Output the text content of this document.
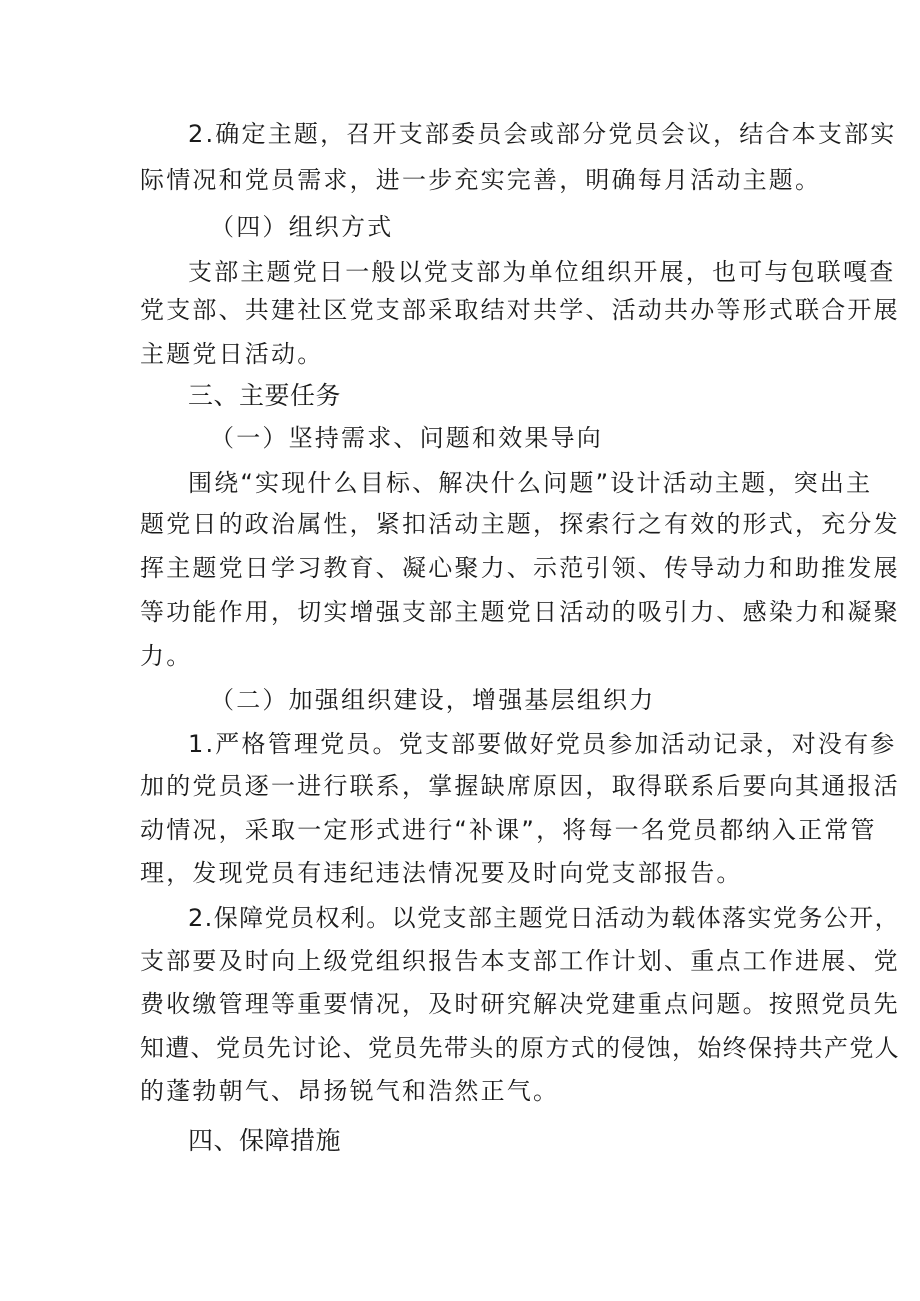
2.确定主题，召开支部委员会或部分党员会议，结合本支部实
际情况和党员需求，进一步充实完善，明确每月活动主题。
（四）组织方式
支部主题党日一般以党支部为单位组织开展，也可与包联嘎查
党支部、共建社区党支部采取结对共学、活动共办等形式联合开展
主题党日活动。
三、主要任务
（一）坚持需求、问题和效果导向
围绕“实现什么目标、解决什么问题”设计活动主题，突出主
题党日的政治属性，紧扣活动主题，探索行之有效的形式，充分发
挥主题党日学习教育、凝心聚力、示范引领、传导动力和助推发展
等功能作用，切实增强支部主题党日活动的吸引力、感染力和凝聚
力。
（二）加强组织建设，增强基层组织力
1.严格管理党员。党支部要做好党员参加活动记录，对没有参
加的党员逐一进行联系，掌握缺席原因，取得联系后要向其通报活
动情况，采取一定形式进行“补课”，将每一名党员都纳入正常管
理，发现党员有违纪违法情况要及时向党支部报告。
2.保障党员权利。以党支部主题党日活动为载体落实党务公开，
支部要及时向上级党组织报告本支部工作计划、重点工作进展、党
费收缴管理等重要情况，及时研究解决党建重点问题。按照党员先
知遭、党员先讨论、党员先带头的原方式的侵蚀，始终保持共产党人
的蓬勃朝气、昂扬锐气和浩然正气。
四、保障措施
